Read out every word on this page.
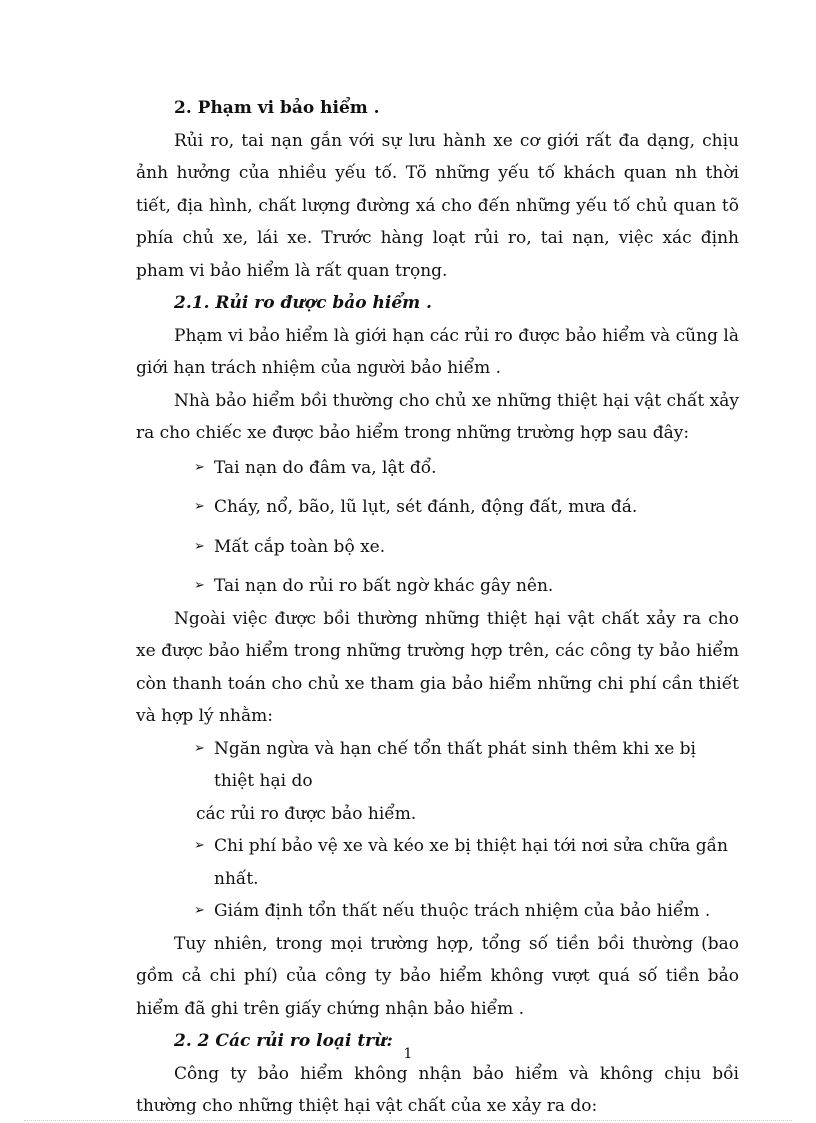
2. Phạm vi bảo hiểm .

Rủi ro, tai nạn gắn với sự lưu hành xe cơ giới rất đa dạng, chịu ảnh hưởng của nhiều yếu tố. Tõ những yếu tố khách quan nh thời tiết, địa hình, chất lượng đường xá cho đến những yếu tố chủ quan tõ phía chủ xe, lái xe. Trước hàng loạt rủi ro, tai nạn, việc xác định pham vi bảo hiểm là rất quan trọng.

2.1. Rủi ro được bảo hiểm .

Phạm vi bảo hiểm là giới hạn các rủi ro được bảo hiểm và cũng là giới hạn trách nhiệm của người bảo hiểm .

Nhà bảo hiểm bồi thường cho chủ xe những thiệt hại vật chất xảy ra cho chiếc xe được bảo hiểm trong những trường hợp sau đây:

➢ Tai nạn do đâm va, lật đổ.

➢ Cháy, nổ, bão, lũ lụt, sét đánh, động đất, mưa đá.

➢ Mất cắp toàn bộ xe.

➢ Tai nạn do rủi ro bất ngờ khác gây nên.

Ngoài việc được bồi thường những thiệt hại vật chất xảy ra cho xe được bảo hiểm trong những trường hợp trên, các công ty bảo hiểm còn thanh toán cho chủ xe tham gia bảo hiểm những chi phí cần thiết và hợp lý nhằm:

➢ Ngăn ngừa và hạn chế tổn thất phát sinh thêm khi xe bị thiệt hại do
các rủi ro được bảo hiểm.

➢ Chi phí bảo vệ xe và kéo xe bị thiệt hại tới nơi sửa chữa gần nhất.

➢ Giám định tổn thất nếu thuộc trách nhiệm của bảo hiểm .

Tuy nhiên, trong mọi trường hợp, tổng số tiền bồi thường (bao gồm cả chi phí) của công ty bảo hiểm không vượt quá số tiền bảo hiểm đã ghi trên giấy chứng nhận bảo hiểm .

2. 2 Các rủi ro loại trừ:

Công ty bảo hiểm không nhận bảo hiểm và không chịu bồi thường cho những thiệt hại vật chất của xe xảy ra do:

1
